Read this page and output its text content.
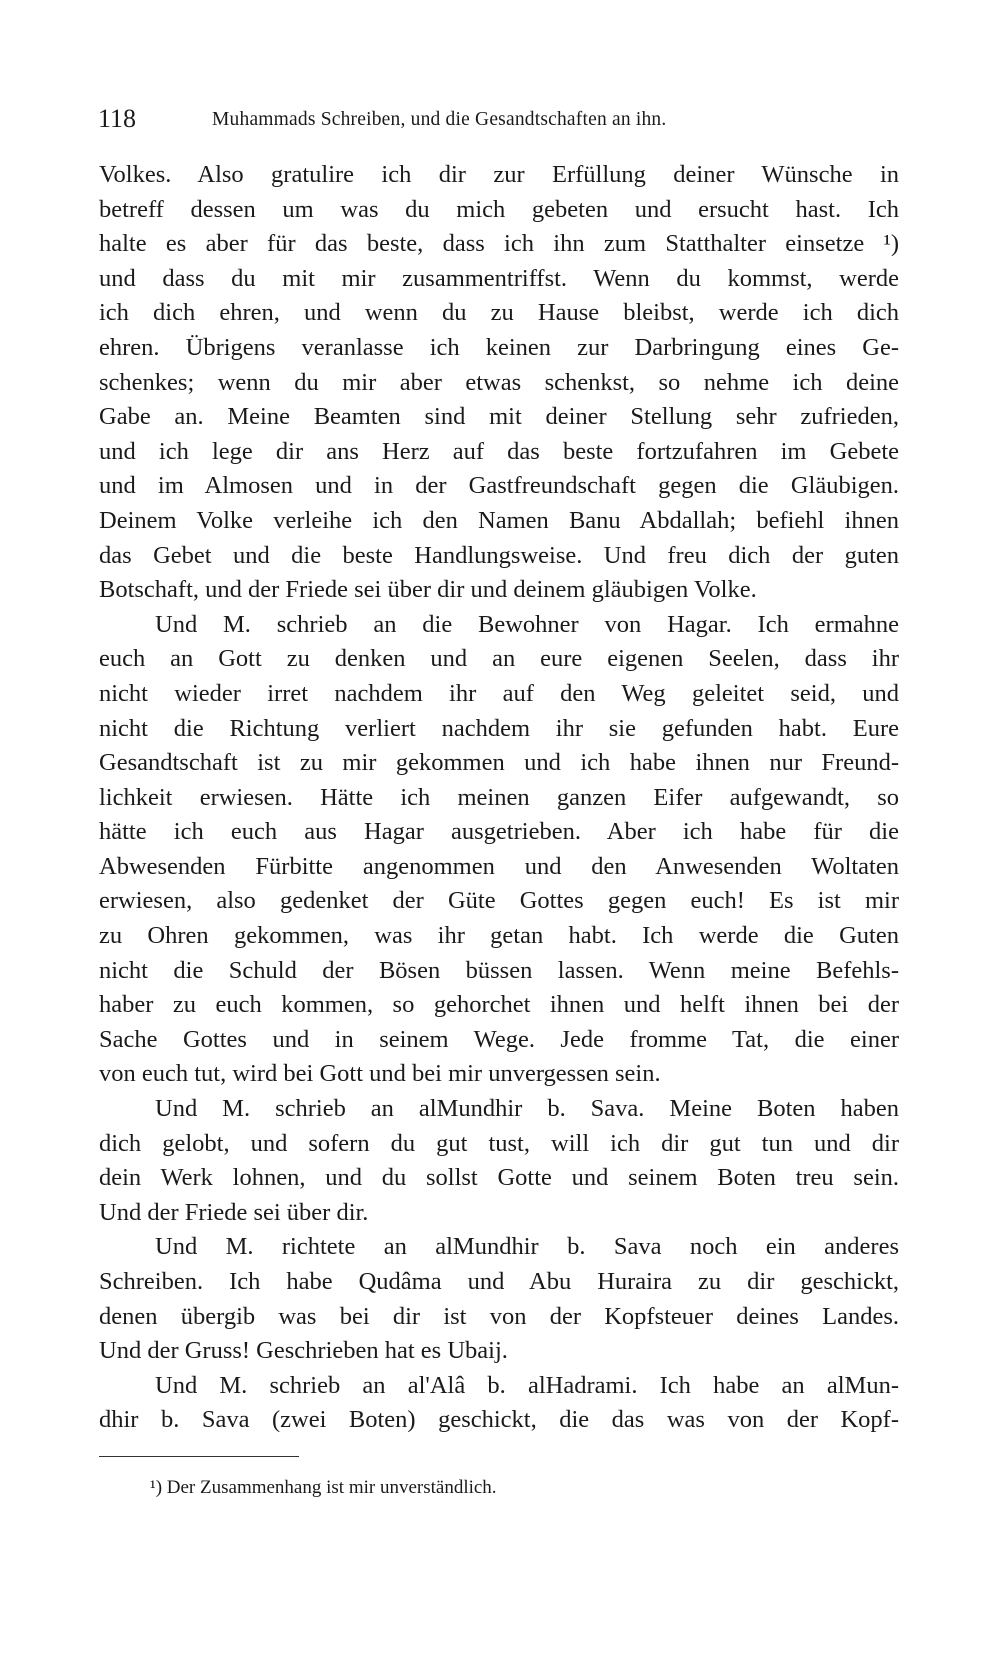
118	Muhammads Schreiben, und die Gesandtschaften an ihn.
Volkes. Also gratulire ich dir zur Erfüllung deiner Wünsche in
betreff dessen um was du mich gebeten und ersucht hast. Ich
halte es aber für das beste, dass ich ihn zum Statthalter einsetze ¹)
und dass du mit mir zusammentriffst. Wenn du kommst, werde
ich dich ehren, und wenn du zu Hause bleibst, werde ich dich
ehren. Übrigens veranlasse ich keinen zur Darbringung eines Ge-
schenkes; wenn du mir aber etwas schenkst, so nehme ich deine
Gabe an. Meine Beamten sind mit deiner Stellung sehr zufrieden,
und ich lege dir ans Herz auf das beste fortzufahren im Gebete
und im Almosen und in der Gastfreundschaft gegen die Gläubigen.
Deinem Volke verleihe ich den Namen Banu Abdallah; befiehl ihnen
das Gebet und die beste Handlungsweise. Und freu dich der guten
Botschaft, und der Friede sei über dir und deinem gläubigen Volke.
Und M. schrieb an die Bewohner von Hagar. Ich ermahne
euch an Gott zu denken und an eure eigenen Seelen, dass ihr
nicht wieder irret nachdem ihr auf den Weg geleitet seid, und
nicht die Richtung verliert nachdem ihr sie gefunden habt. Eure
Gesandtschaft ist zu mir gekommen und ich habe ihnen nur Freund-
lichkeit erwiesen. Hätte ich meinen ganzen Eifer aufgewandt, so
hätte ich euch aus Hagar ausgetrieben. Aber ich habe für die
Abwesenden Fürbitte angenommen und den Anwesenden Woltaten
erwiesen, also gedenket der Güte Gottes gegen euch! Es ist mir
zu Ohren gekommen, was ihr getan habt. Ich werde die Guten
nicht die Schuld der Bösen büssen lassen. Wenn meine Befehls-
haber zu euch kommen, so gehorchet ihnen und helft ihnen bei der
Sache Gottes und in seinem Wege. Jede fromme Tat, die einer
von euch tut, wird bei Gott und bei mir unvergessen sein.
Und M. schrieb an alMundhir b. Sava. Meine Boten haben
dich gelobt, und sofern du gut tust, will ich dir gut tun und dir
dein Werk lohnen, und du sollst Gotte und seinem Boten treu sein.
Und der Friede sei über dir.
Und M. richtete an alMundhir b. Sava noch ein anderes
Schreiben. Ich habe Qudâma und Abu Huraira zu dir geschickt,
denen übergib was bei dir ist von der Kopfsteuer deines Landes.
Und der Gruss! Geschrieben hat es Ubaij.
Und M. schrieb an al'Alâ b. alHadrami. Ich habe an alMun-
dhir b. Sava (zwei Boten) geschickt, die das was von der Kopf-
¹) Der Zusammenhang ist mir unverständlich.
